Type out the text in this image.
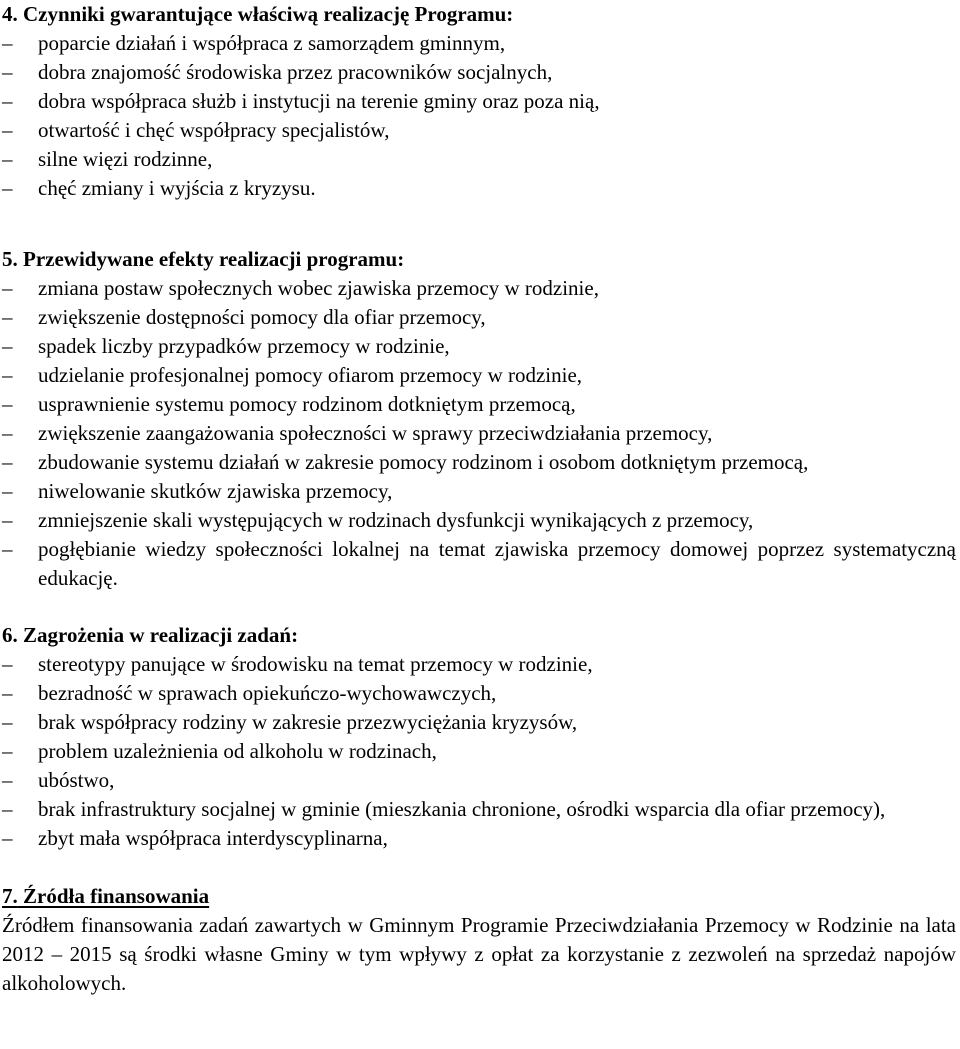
4. Czynniki gwarantujące właściwą realizację Programu:

– poparcie działań i współpraca z samorządem gminnym,
– dobra znajomość środowiska przez pracowników socjalnych,
– dobra współpraca służb i instytucji na terenie gminy oraz poza nią,
– otwartość i chęć współpracy specjalistów,
– silne więzi rodzinne,
– chęć zmiany i wyjścia z kryzysu.

5. Przewidywane efekty realizacji programu:

– zmiana postaw społecznych wobec zjawiska przemocy w rodzinie,
– zwiększenie dostępności pomocy dla ofiar przemocy,
– spadek liczby przypadków przemocy w rodzinie,
– udzielanie profesjonalnej pomocy ofiarom przemocy w rodzinie,
– usprawnienie systemu pomocy rodzinom dotkniętym przemocą,
– zwiększenie zaangażowania społeczności w sprawy przeciwdziałania przemocy,
– zbudowanie systemu działań w zakresie pomocy rodzinom i osobom dotkniętym przemocą,
– niwelowanie skutków zjawiska przemocy,
– zmniejszenie skali występujących w rodzinach dysfunkcji wynikających z przemocy,
– pogłębianie wiedzy społeczności lokalnej na temat zjawiska przemocy domowej poprzez systematyczną edukację.

6. Zagrożenia w realizacji zadań:

– stereotypy panujące w środowisku na temat przemocy w rodzinie,
– bezradność w sprawach opiekuńczo-wychowawczych,
– brak współpracy rodziny w zakresie przezwyciężania kryzysów,
– problem uzależnienia od alkoholu w rodzinach,
– ubóstwo,
– brak infrastruktury socjalnej w gminie (mieszkania chronione, ośrodki wsparcia dla ofiar przemocy),
– zbyt mała współpraca interdyscyplinarna,

7. Źródła finansowania

Źródłem finansowania zadań zawartych w Gminnym Programie Przeciwdziałania Przemocy w Rodzinie na lata 2012 – 2015 są środki własne Gminy w tym wpływy z opłat za korzystanie z zezwoleń na sprzedaż napojów alkoholowych.
